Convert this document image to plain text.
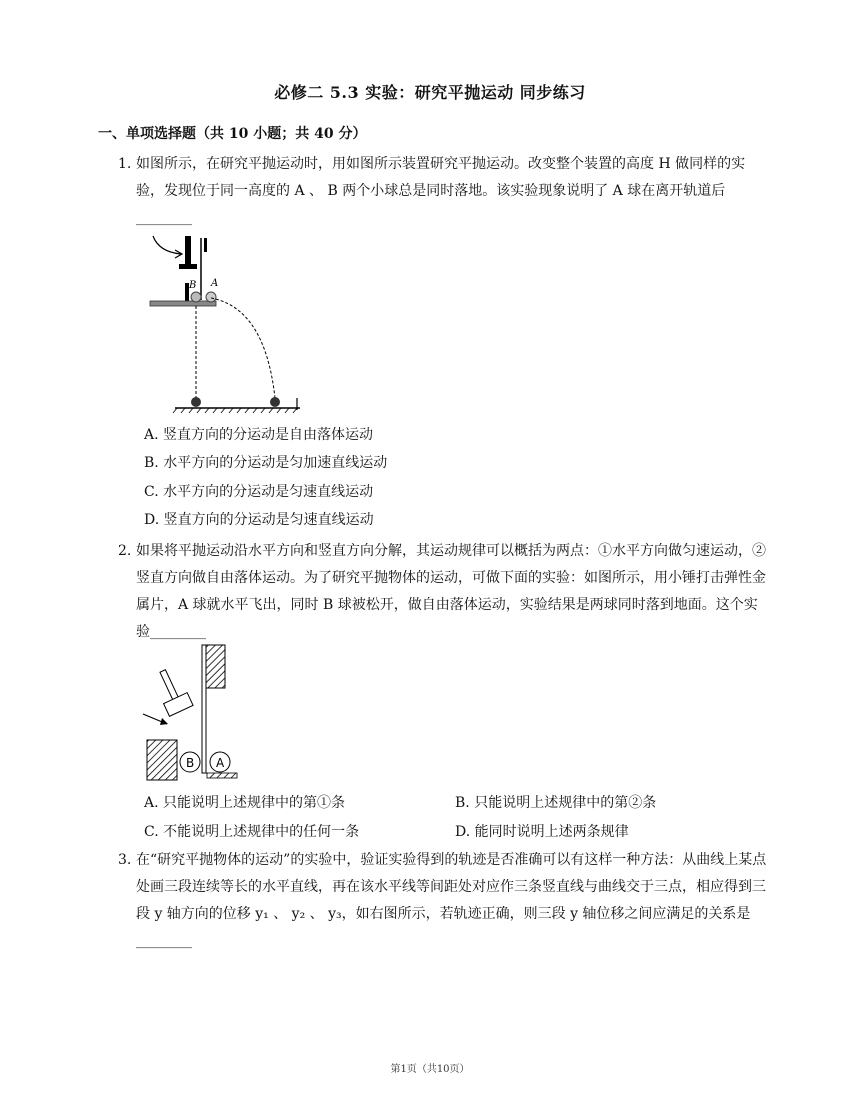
必修二 5.3 实验：研究平抛运动 同步练习
一、单项选择题（共 10 小题；共 40 分）
1. 如图所示，在研究平抛运动时，用如图所示装置研究平抛运动。改变整个装置的高度 H 做同样的实验，发现位于同一高度的 A 、 B 两个小球总是同时落地。该实验现象说明了 A 球在离开轨道后________
B A
A. 竖直方向的分运动是自由落体运动
B. 水平方向的分运动是匀加速直线运动
C. 水平方向的分运动是匀速直线运动
D. 竖直方向的分运动是匀速直线运动
2. 如果将平抛运动沿水平方向和竖直方向分解，其运动规律可以概括为两点：①水平方向做匀速运动，②竖直方向做自由落体运动。为了研究平抛物体的运动，可做下面的实验：如图所示，用小锤打击弹性金属片，A 球就水平飞出，同时 B 球被松开，做自由落体运动，实验结果是两球同时落到地面。这个实验________
B A
A. 只能说明上述规律中的第①条	B. 只能说明上述规律中的第②条
C. 不能说明上述规律中的任何一条	D. 能同时说明上述两条规律
3. 在“研究平抛物体的运动”的实验中，验证实验得到的轨迹是否准确可以有这样一种方法：从曲线上某点处画三段连续等长的水平直线，再在该水平线等间距处对应作三条竖直线与曲线交于三点，相应得到三段 y 轴方向的位移 y₁ 、 y₂ 、 y₃，如右图所示，若轨迹正确，则三段 y 轴位移之间应满足的关系是________
第1页（共10页）
